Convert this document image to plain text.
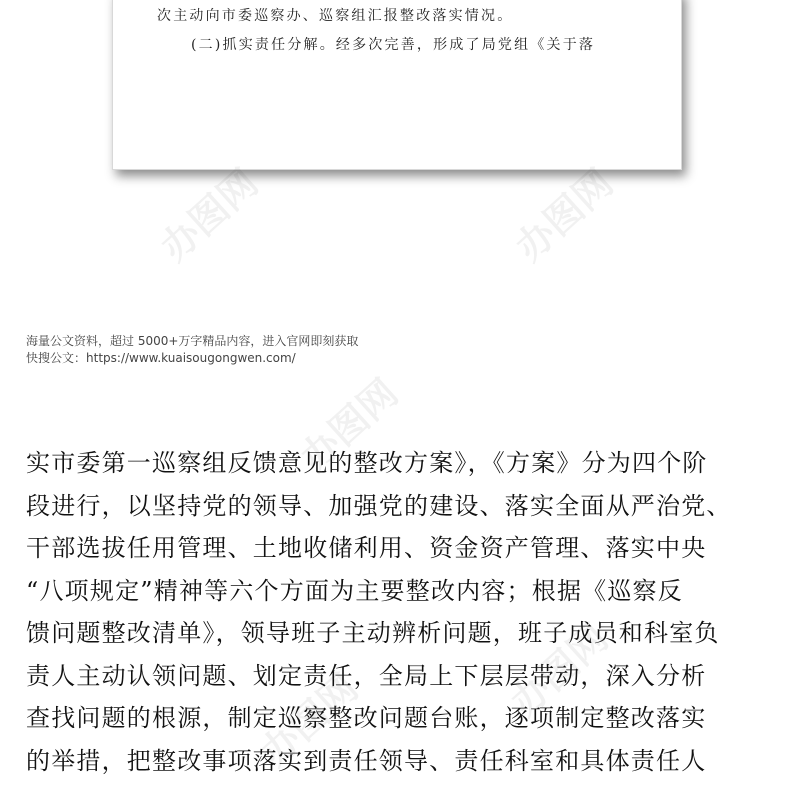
次主动向市委巡察办、巡察组汇报整改落实情况。
(二)抓实责任分解。经多次完善，形成了局党组《关于落
办图网	办图网
办图网
办图网
办图网
海量公文资料，超过 5000+万字精品内容，进入官网即刻获取
快搜公文：https://www.kuaisougongwen.com/
实市委第一巡察组反馈意见的整改方案》，《方案》分为四个阶
段进行，以坚持党的领导、加强党的建设、落实全面从严治党、
干部选拔任用管理、土地收储利用、资金资产管理、落实中央
“八项规定”精神等六个方面为主要整改内容；根据《巡察反
馈问题整改清单》，领导班子主动辨析问题，班子成员和科室负
责人主动认领问题、划定责任，全局上下层层带动，深入分析
查找问题的根源，制定巡察整改问题台账，逐项制定整改落实
的举措，把整改事项落实到责任领导、责任科室和具体责任人
